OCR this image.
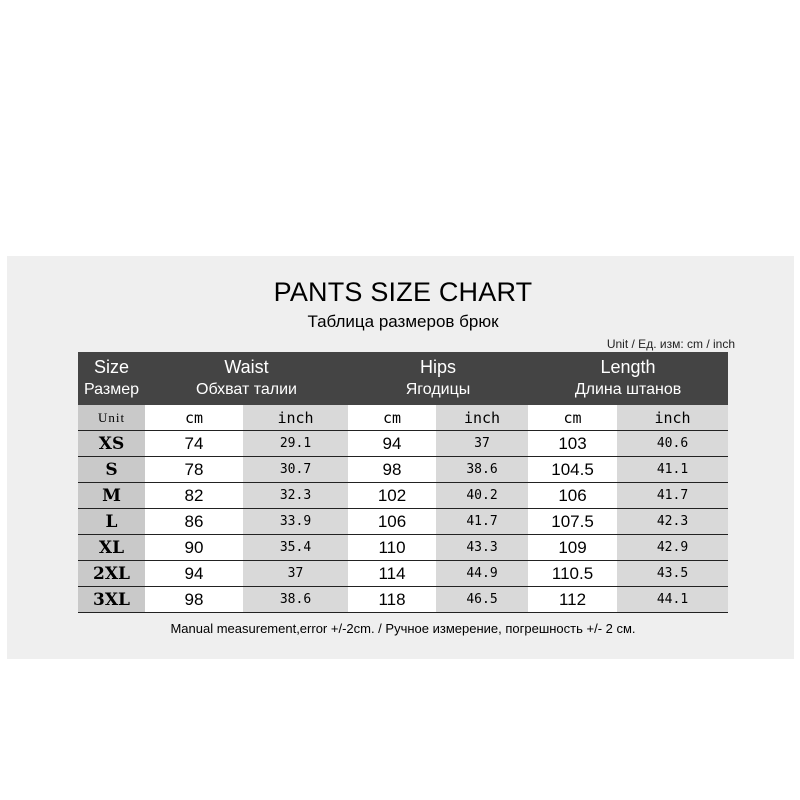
PANTS SIZE CHART
Таблица размеров брюк
Unit / Ед. изм: cm / inch
Size	Waist		Hips		Length	
Размер	Обхват талии		Ягодицы		Длина штанов	
Unit	cm	inch	cm	inch	cm	inch
XS	74	29.1	94	37	103	40.6
S	78	30.7	98	38.6	104.5	41.1
M	82	32.3	102	40.2	106	41.7
L	86	33.9	106	41.7	107.5	42.3
XL	90	35.4	110	43.3	109	42.9
2XL	94	37	114	44.9	110.5	43.5
3XL	98	38.6	118	46.5	112	44.1
Manual measurement,error +/-2cm. / Ручное измерение, погрешность +/- 2 см.
